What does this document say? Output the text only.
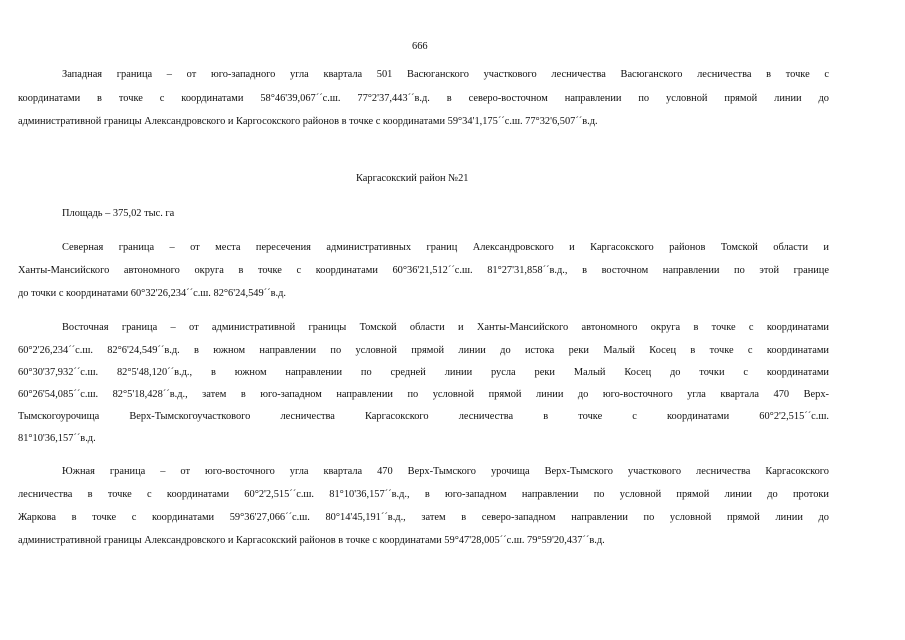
666
Западная граница – от юго-западного угла квартала 501 Васюганского участкового лесничества Васюганского лесничества в точке с
координатами в точке с координатами 58°46'39,067´´с.ш. 77°2'37,443´´в.д. в северо-восточном направлении по условной прямой линии до
административной границы Александровского и Каргосокского районов в точке с координатами 59°34'1,175´´с.ш. 77°32'6,507´´в.д.
Каргасокский район №21
Площадь – 375,02 тыс. га
Северная граница – от места пересечения административных границ Александровского и Каргасокского районов Томской области и
Ханты-Мансийского автономного округа в точке с координатами 60°36'21,512´´с.ш. 81°27'31,858´´в.д., в восточном направлении по этой границе
до точки с координатами 60°32'26,234´´с.ш. 82°6'24,549´´в.д.
Восточная граница – от административной границы Томской области и Ханты-Мансийского автономного округа в точке с координатами
60°2'26,234´´с.ш. 82°6'24,549´´в.д. в южном направлении по условной прямой линии до истока реки Малый Косец в точке с координатами
60°30'37,932´´с.ш. 82°5'48,120´´в.д., в южном направлении по средней линии русла реки Малый Косец до точки с координатами
60°26'54,085´´с.ш. 82°5'18,428´´в.д., затем в юго-западном направлении по условной прямой линии до юго-восточного угла квартала 470 Верх-
Тымскогоурочища Верх-Тымскогоучасткового лесничества Каргасокского лесничества в точке с координатами 60°2'2,515´´с.ш.
81°10'36,157´´в.д.
Южная граница – от юго-восточного угла квартала 470 Верх-Тымского урочища Верх-Тымского участкового лесничества Каргасокского
лесничества в точке с координатами 60°2'2,515´´с.ш. 81°10'36,157´´в.д., в юго-западном направлении по условной прямой линии до протоки
Жаркова в точке с координатами 59°36'27,066´´с.ш. 80°14'45,191´´в.д., затем в северо-западном направлении по условной прямой линии до
административной границы Александровского и Каргасокский районов в точке с координатами 59°47'28,005´´с.ш. 79°59'20,437´´в.д.
